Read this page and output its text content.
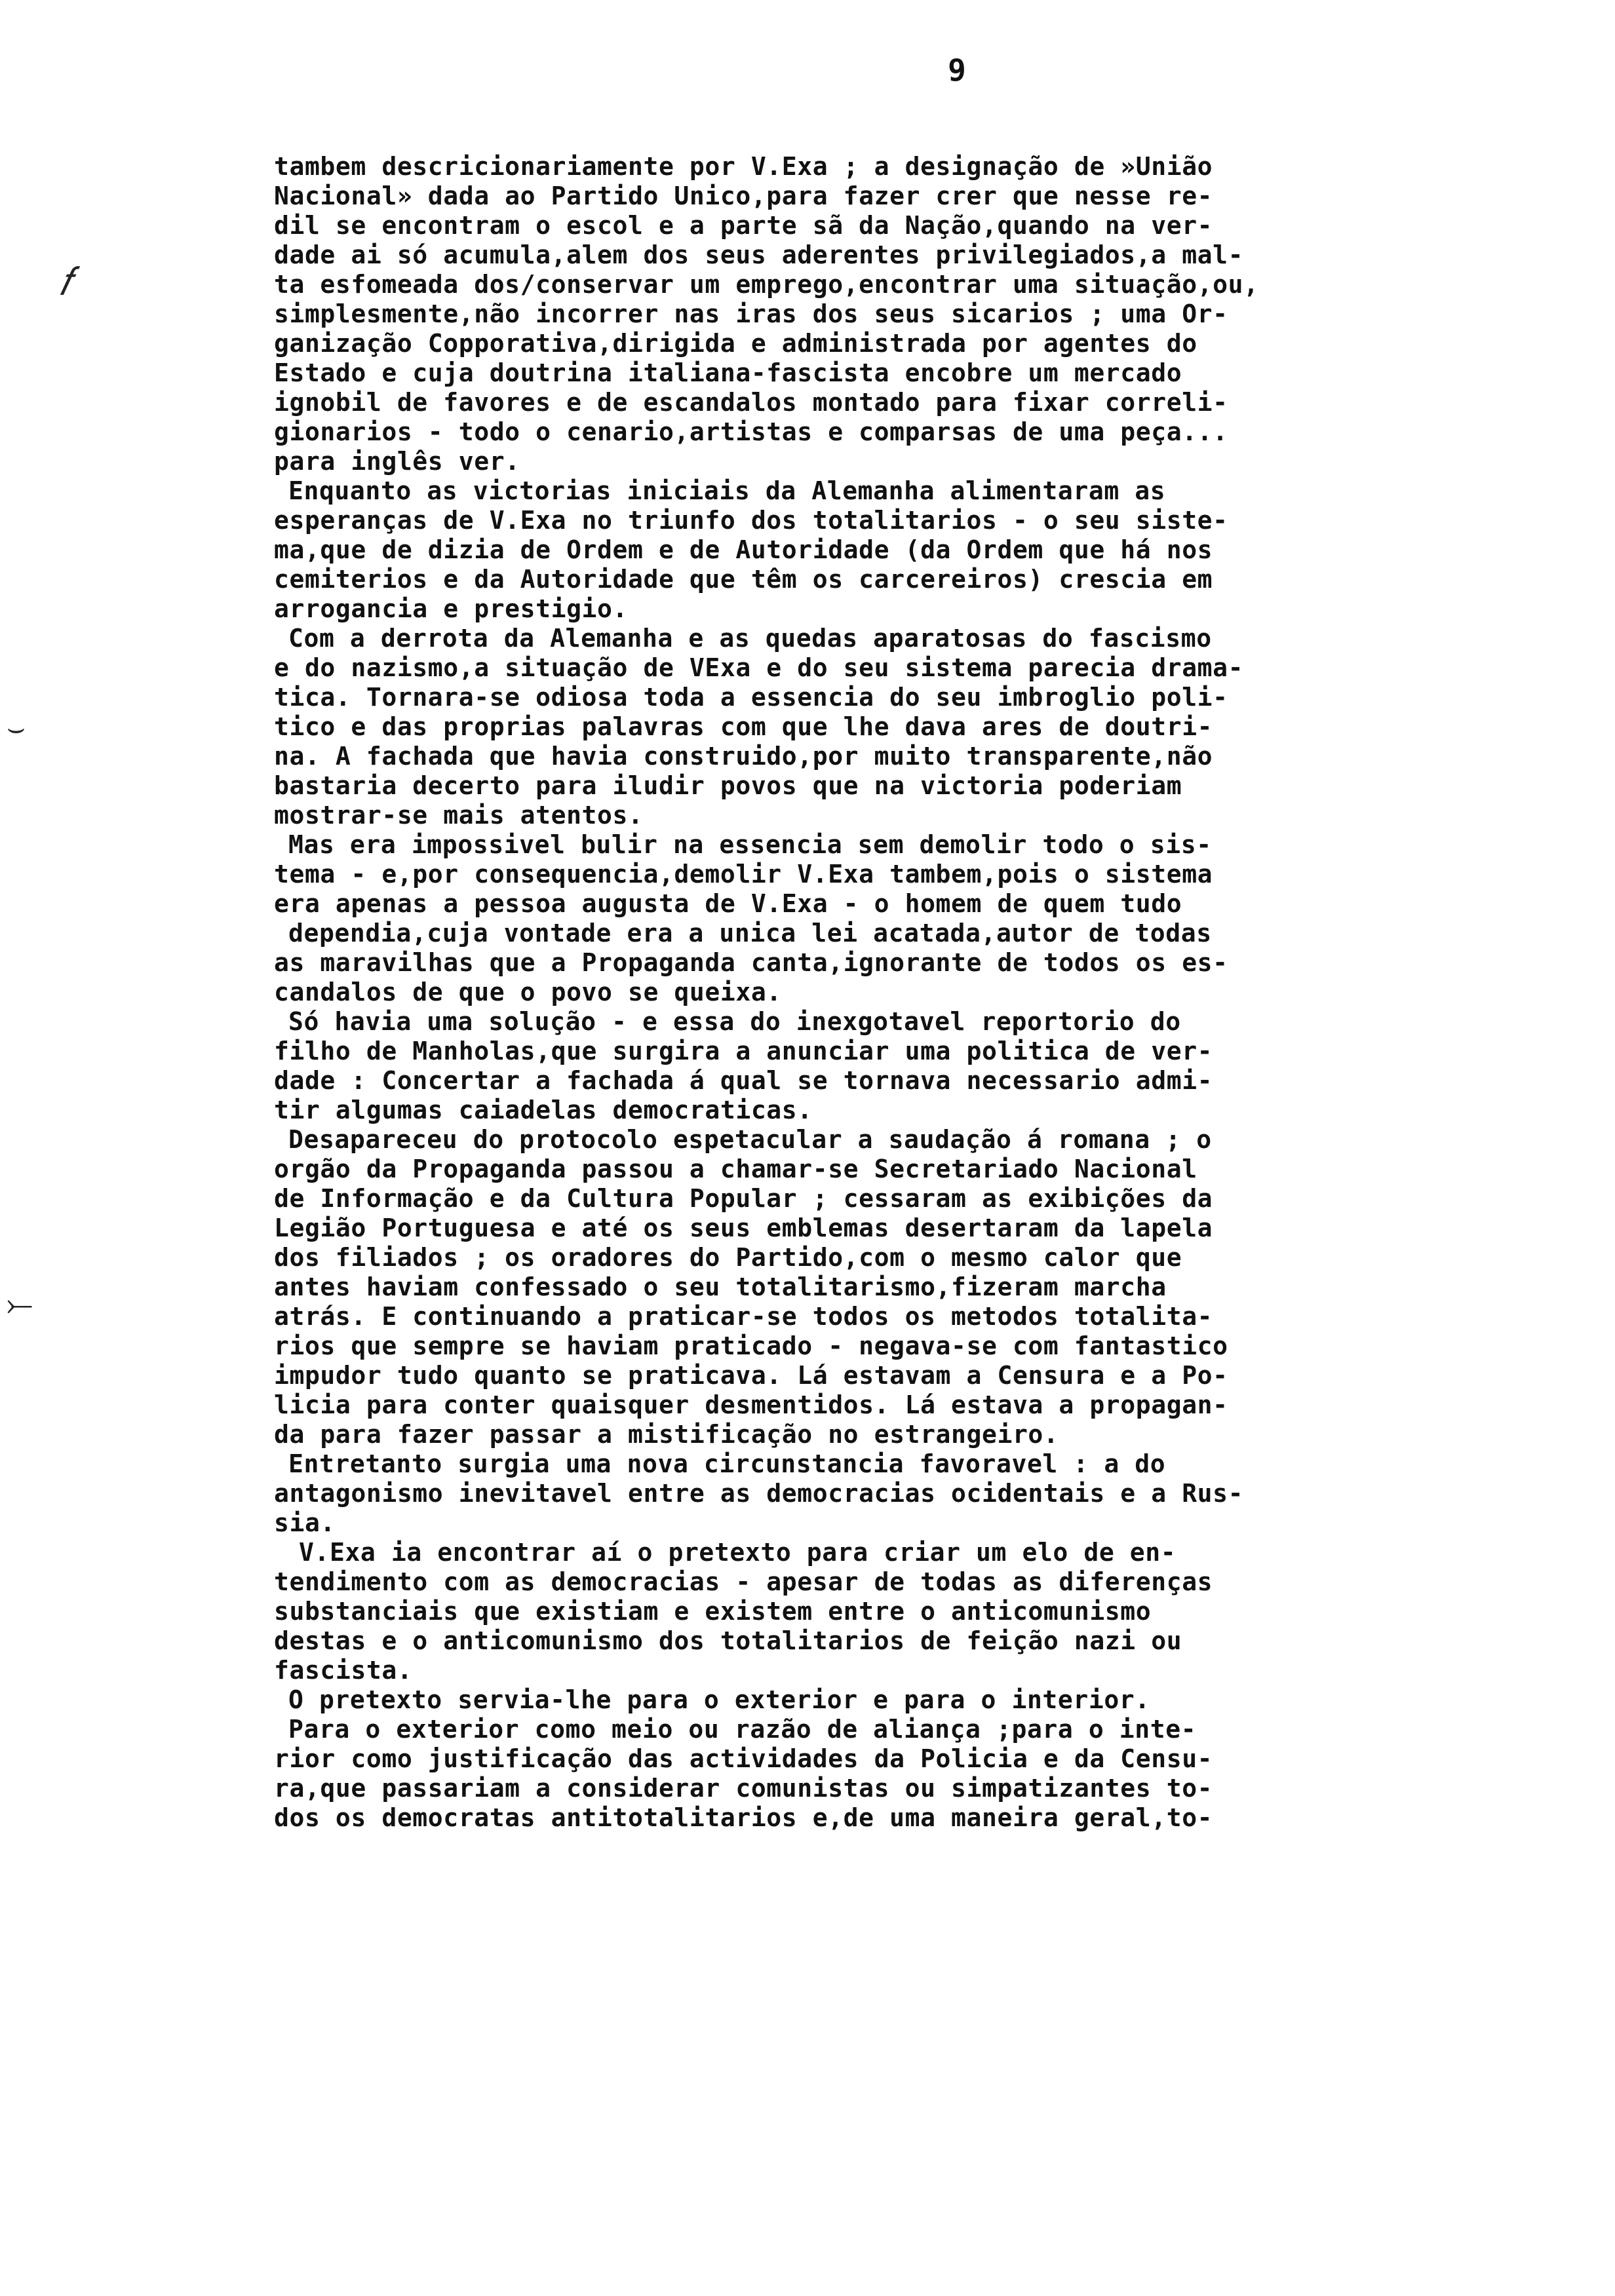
9
𝑓
⌣
⤚
tambem descricionariamente por V.Exa ; a designação de »União
Nacional» dada ao Partido Unico,para fazer crer que nesse re-
dil se encontram o escol e a parte sã da Nação,quando na ver-
dade ai só acumula,alem dos seus aderentes privilegiados,a mal-
ta esfomeada dos/conservar um emprego,encontrar uma situação,ou,
simplesmente,não incorrer nas iras dos seus sicarios ; uma Or-
ganização Copporativa,dirigida e administrada por agentes do
Estado e cuja doutrina italiana-fascista encobre um mercado
ignobil de favores e de escandalos montado para fixar correli-
gionarios - todo o cenario,artistas e comparsas de uma peça...
para inglês ver.
Enquanto as victorias iniciais da Alemanha alimentaram as
esperanças de V.Exa no triunfo dos totalitarios - o seu siste-
ma,que de dizia de Ordem e de Autoridade (da Ordem que há nos
cemiterios e da Autoridade que têm os carcereiros) crescia em
arrogancia e prestigio.
Com a derrota da Alemanha e as quedas aparatosas do fascismo
e do nazismo,a situação de VExa e do seu sistema parecia drama-
tica. Tornara-se odiosa toda a essencia do seu imbroglio poli-
tico e das proprias palavras com que lhe dava ares de doutri-
na. A fachada que havia construido,por muito transparente,não
bastaria decerto para iludir povos que na victoria poderiam
mostrar-se mais atentos.
Mas era impossivel bulir na essencia sem demolir todo o sis-
tema - e,por consequencia,demolir V.Exa tambem,pois o sistema
era apenas a pessoa augusta de V.Exa - o homem de quem tudo
dependia,cuja vontade era a unica lei acatada,autor de todas
as maravilhas que a Propaganda canta,ignorante de todos os es-
candalos de que o povo se queixa.
Só havia uma solução - e essa do inexgotavel reportorio do
filho de Manholas,que surgira a anunciar uma politica de ver-
dade : Concertar a fachada á qual se tornava necessario admi-
tir algumas caiadelas democraticas.
Desapareceu do protocolo espetacular a saudação á romana ; o
orgão da Propaganda passou a chamar-se Secretariado Nacional
de Informação e da Cultura Popular ; cessaram as exibições da
Legião Portuguesa e até os seus emblemas desertaram da lapela
dos filiados ; os oradores do Partido,com o mesmo calor que
antes haviam confessado o seu totalitarismo,fizeram marcha
atrás. E continuando a praticar-se todos os metodos totalita-
rios que sempre se haviam praticado - negava-se com fantastico
impudor tudo quanto se praticava. Lá estavam a Censura e a Po-
licia para conter quaisquer desmentidos. Lá estava a propagan-
da para fazer passar a mistificação no estrangeiro.
Entretanto surgia uma nova circunstancia favoravel : a do
antagonismo inevitavel entre as democracias ocidentais e a Rus-
sia.
V.Exa ia encontrar aí o pretexto para criar um elo de en-
tendimento com as democracias - apesar de todas as diferenças
substanciais que existiam e existem entre o anticomunismo
destas e o anticomunismo dos totalitarios de feição nazi ou
fascista.
O pretexto servia-lhe para o exterior e para o interior.
Para o exterior como meio ou razão de aliança ;para o inte-
rior como justificação das actividades da Policia e da Censu-
ra,que passariam a considerar comunistas ou simpatizantes to-
dos os democratas antitotalitarios e,de uma maneira geral,to-
